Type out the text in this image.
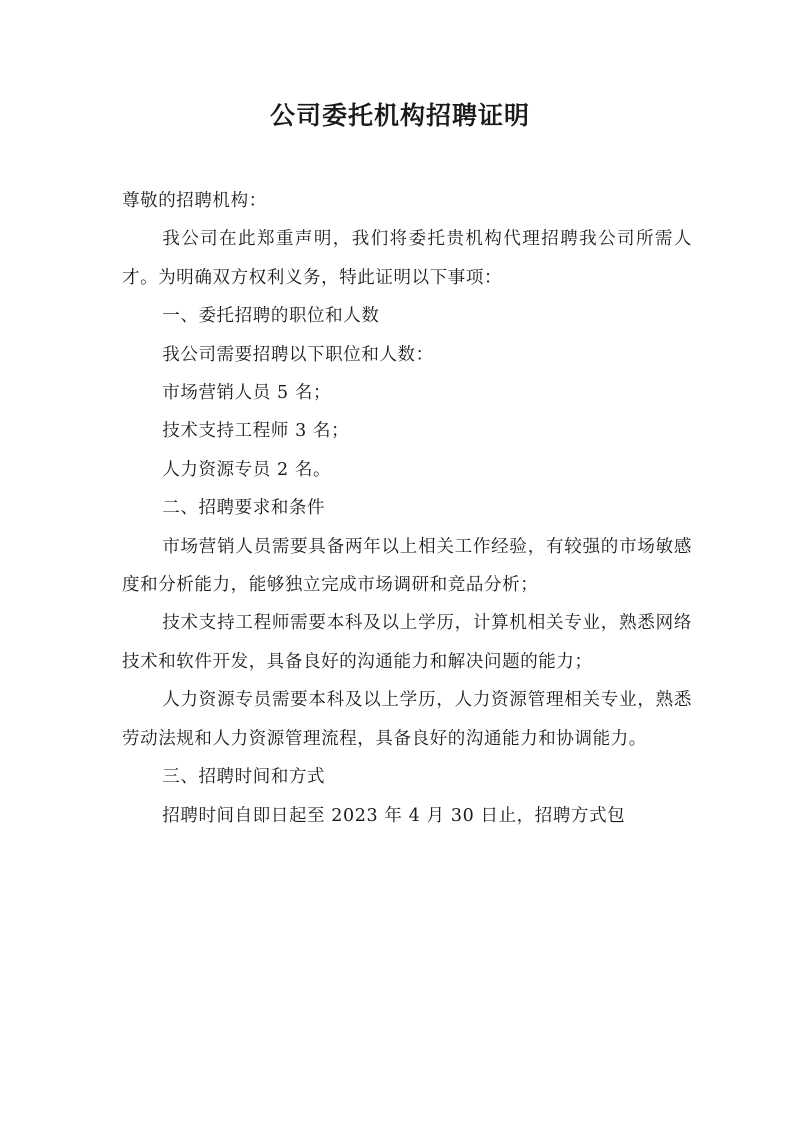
公司委托机构招聘证明

尊敬的招聘机构：

我公司在此郑重声明，我们将委托贵机构代理招聘我公司所需人才。为明确双方权利义务，特此证明以下事项：

一、委托招聘的职位和人数

我公司需要招聘以下职位和人数：

市场营销人员 5 名；

技术支持工程师 3 名；

人力资源专员 2 名。

二、招聘要求和条件

市场营销人员需要具备两年以上相关工作经验，有较强的市场敏感度和分析能力，能够独立完成市场调研和竞品分析；

技术支持工程师需要本科及以上学历，计算机相关专业，熟悉网络技术和软件开发，具备良好的沟通能力和解决问题的能力；

人力资源专员需要本科及以上学历，人力资源管理相关专业，熟悉劳动法规和人力资源管理流程，具备良好的沟通能力和协调能力。

三、招聘时间和方式

招聘时间自即日起至 2023 年 4 月 30 日止，招聘方式包
